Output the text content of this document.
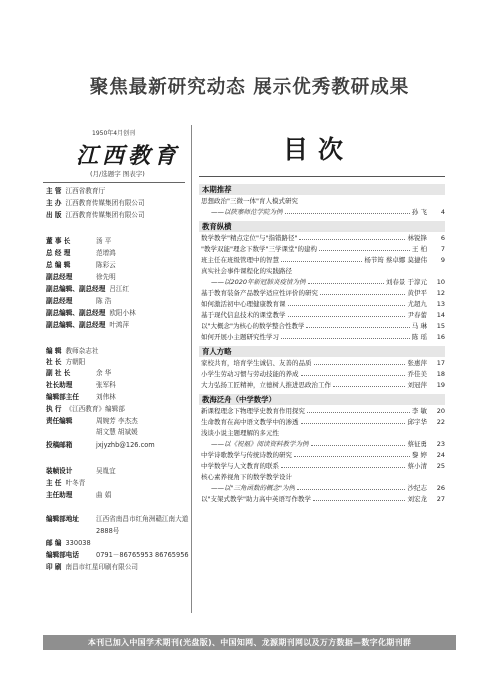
聚焦最新研究动态 展示优秀教研成果
1950年4月创刊
江西教育
(月/选题字 图表字)
目次
主 管 江西省教育厅
主 办 江西教育传媒集团有限公司
出 版 江西教育传媒集团有限公司
董 事 长	汤 平
总 经 理	范增鸿
总 编 辑	陈彩云
副总经理	徐先明
副总编辑、副总经理 吕江红
副总经理	陈 浩
副总编辑、副总经理 欧阳小林
副总编辑、副总经理 叶鸿萍
编 辑 教师杂志社
社 长 方朝阳
副 社 长	余 华
社长助理	张军科
编辑部主任	刘伟林
执 行 《江西教育》编辑部
责任编辑	周婉芳 李杰杰
胡文慧 胡斌媛
投稿邮箱	jxjyzhb@126.com
装帧设计	吴胤宜
主 任 叶冬青
主任助理	曲 娟
编辑部地址	江西省南昌市红角洲赣江南大道
2888号
邮 编 330038
编辑部电话	0791－86765953 86765956
印 刷 南昌市红星印刷有限公司
本期推荐
思想政治"三微一体"育人模式研究
——以陕寨师范学院为例	孙 飞	4
教育纵横
数学教学"精点定位"与"指错路径"	林锐锋	6
"教学双能"理念下数学"三学课堂"的建构	王 柏	7
班主任在班级管理中的智慧	杨节筠 蔡卓娜 莫捷伟	9
真实社会事件课程化的实践路径
——以2020年新冠肺炎疫情为例	刘春景 于淳元	10
基于教育装备产品教学适应性评价的研究	黄伊平	12
如何激活初中心理健康教育课	尤超九	13
基于现代信息技术的课堂教学	尹春蕾	14
以"大概念"为核心的数学整合性教学	马 琳	15
如何开展小主题研究性学习	陈 瑶	16
育人方略
家校共育，培育学生诚信、友善的品质	张惠萍	17
小学生劳动习惯与劳动技能的养成	乔佳美	18
大力弘扬工匠精神，立德树人推进思政治工作	刘冠萍	19
教海泛舟（中学数学）
新课程理念下物理学史教育作用探究	李 敏	20
生命教育在高中语文教学中的渗透	邱宇华	22
浅谈小说主题理解的多元性
——以《祝福》阅读资料教学为例	蔡征勇	23
中学诗歌教学与传统诗教的研究	黎 婷	24
中学数学与人文教育的联系	蔡小清	25
核心素养视角下的数学教学设计
——以"三角函数的概念"为例	沙纪志	26
以"支架式教学"助力高中英语写作教学	刘宏龙	27
本刊已加入中国学术期刊(光盘版)、中国知网、龙源期刊网以及万方数据—数字化期刊群
